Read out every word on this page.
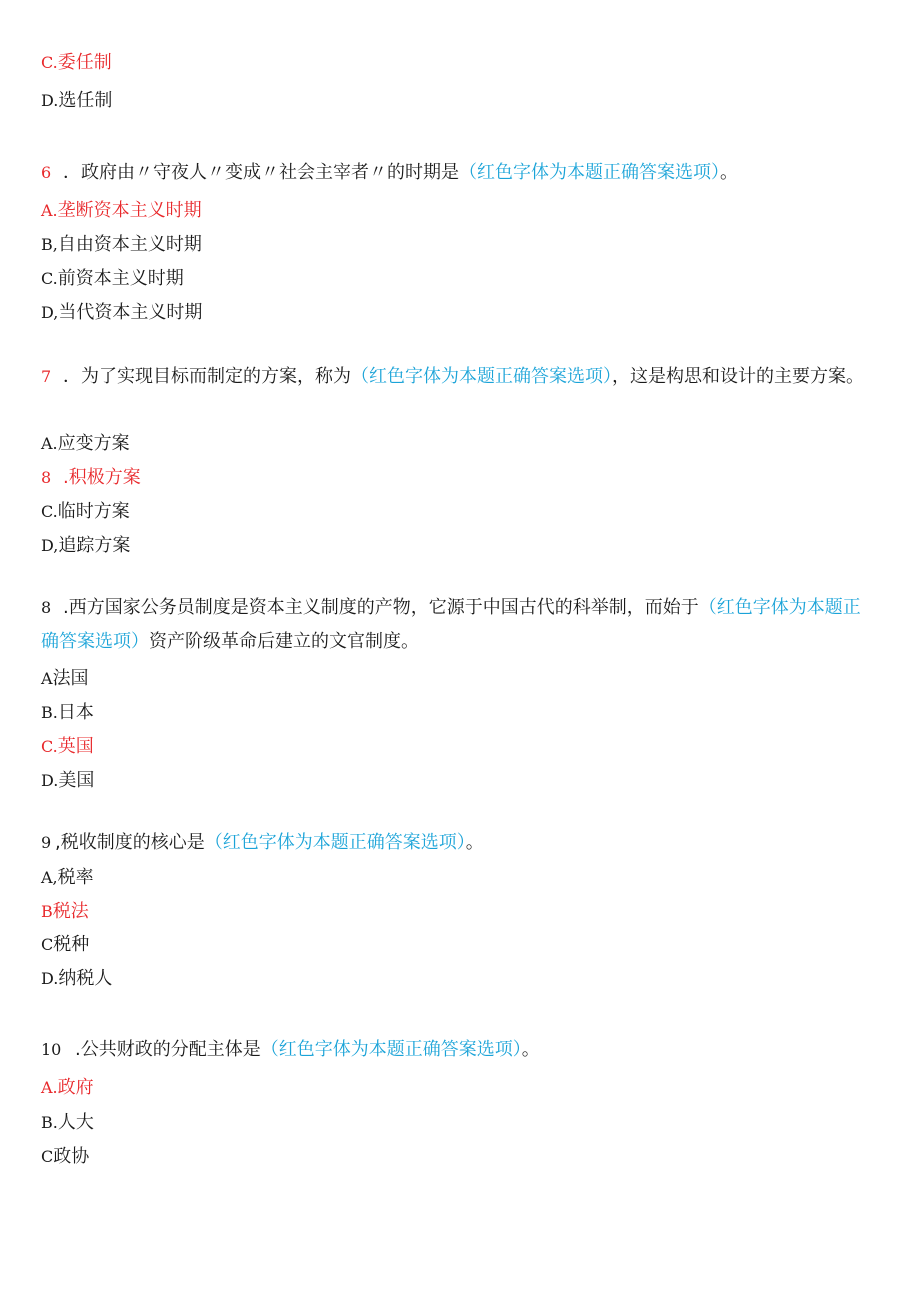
C.委任制
D.选任制
6 ．政府由〃守夜人〃变成〃社会主宰者〃的时期是（红色字体为本题正确答案选项）。
A.垄断资本主义时期
B,自由资本主义时期
C.前资本主义时期
D,当代资本主义时期
7 ．为了实现目标而制定的方案，称为（红色字体为本题正确答案选项），这是构思和设计的主要方案。
A.应变方案
8 .积极方案
C.临时方案
D,追踪方案
8 .西方国家公务员制度是资本主义制度的产物，它源于中国古代的科举制，而始于（红色字体为本题正确答案选项）资产阶级革命后建立的文官制度。
A法国
B.日本
C.英国
D.美国
9 ,税收制度的核心是（红色字体为本题正确答案选项）。
A,税率
B税法
C税种
D.纳税人
10 .公共财政的分配主体是（红色字体为本题正确答案选项）。
A.政府
B.人大
C政协
